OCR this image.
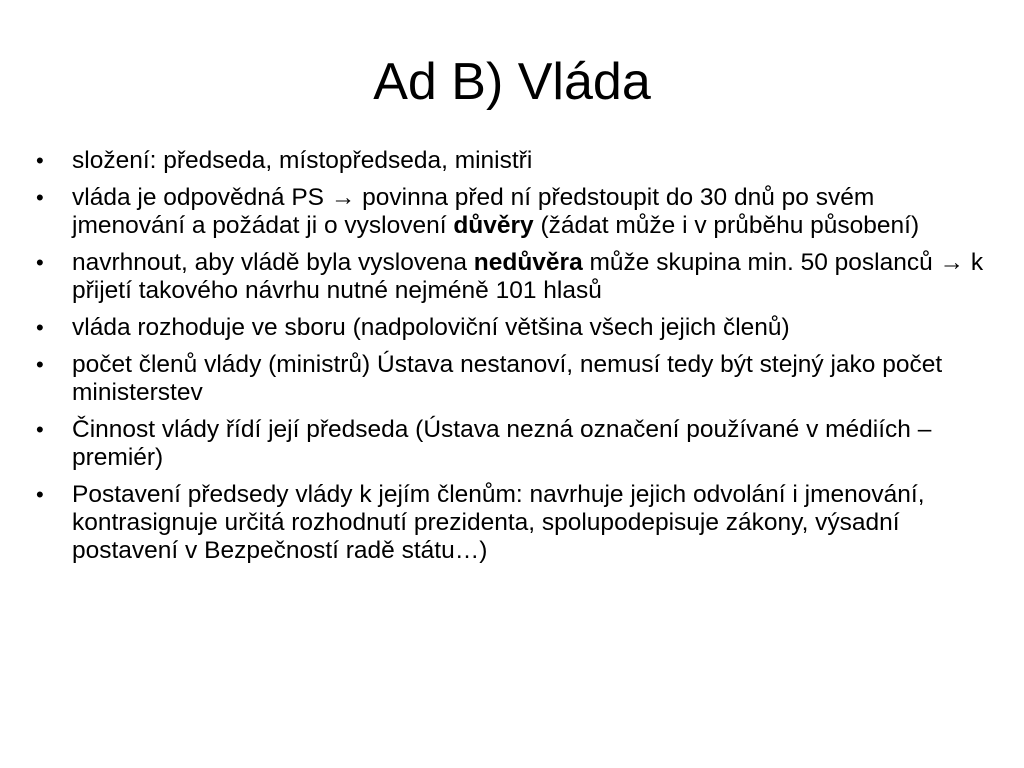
Ad B) Vláda
• složení: předseda, místopředseda, ministři
• vláda je odpovědná PS → povinna před ní předstoupit do 30 dnů po svém jmenování a požádat ji o vyslovení důvěry (žádat může i v průběhu působení)
• navrhnout, aby vládě byla vyslovena nedůvěra může skupina min. 50 poslanců → k přijetí takového návrhu nutné nejméně 101 hlasů
• vláda rozhoduje ve sboru (nadpoloviční většina všech jejich členů)
• počet členů vlády (ministrů) Ústava nestanoví, nemusí tedy být stejný jako počet ministerstev
• Činnost vlády řídí její předseda (Ústava nezná označení používané v médiích – premiér)
• Postavení předsedy vlády k jejím členům: navrhuje jejich odvolání i jmenování, kontrasignuje určitá rozhodnutí prezidenta, spolupodepisuje zákony, výsadní postavení v Bezpečností radě státu…)
